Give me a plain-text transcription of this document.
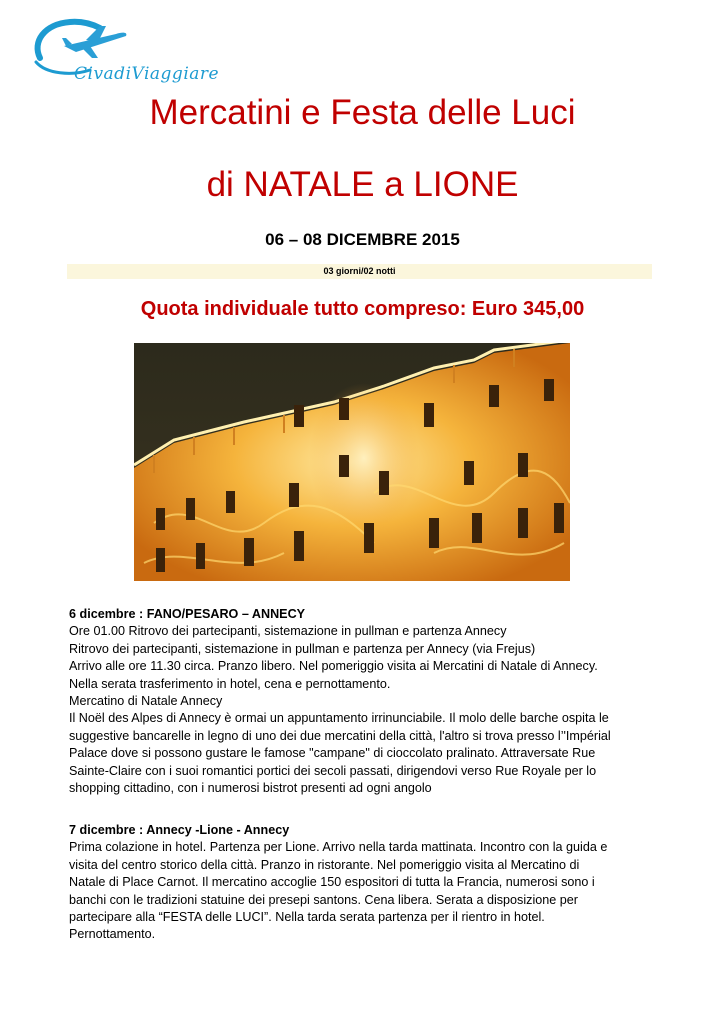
CivadiViaggiare
Mercatini e Festa delle Luci
di NATALE a LIONE
06 – 08 DICEMBRE 2015
03 giorni/02 notti
Quota individuale tutto compreso: Euro 345,00

6 dicembre : FANO/PESARO – ANNECY

Ore 01.00 Ritrovo dei partecipanti, sistemazione in pullman e partenza Annecy

Ritrovo dei partecipanti, sistemazione in pullman e partenza per Annecy (via Frejus)

Arrivo alle ore 11.30 circa. Pranzo libero. Nel pomeriggio visita ai Mercatini di Natale di Annecy.

Nella serata trasferimento in hotel, cena e pernottamento.

Mercatino di Natale Annecy

Il Noël des Alpes di Annecy è ormai un appuntamento irrinunciabile. Il molo delle barche ospita le

suggestive bancarelle in legno di uno dei due mercatini della città, l'altro si trova presso l’'Impérial

Palace dove si possono gustare le famose "campane" di cioccolato pralinato. Attraversate Rue

Sainte-Claire con i suoi romantici portici dei secoli passati, dirigendovi verso Rue Royale per lo

shopping cittadino, con i numerosi bistrot presenti ad ogni angolo

7 dicembre : Annecy -Lione - Annecy

Prima colazione in hotel. Partenza per Lione. Arrivo nella tarda mattinata. Incontro con la guida e

visita del centro storico della città. Pranzo in ristorante. Nel pomeriggio visita al Mercatino di

Natale di Place Carnot. Il mercatino accoglie 150 espositori di tutta la Francia, numerosi sono i

banchi con le tradizioni statuine dei presepi santons. Cena libera. Serata a disposizione per

partecipare alla “FESTA delle LUCI”. Nella tarda serata partenza per il rientro in hotel.

Pernottamento.
